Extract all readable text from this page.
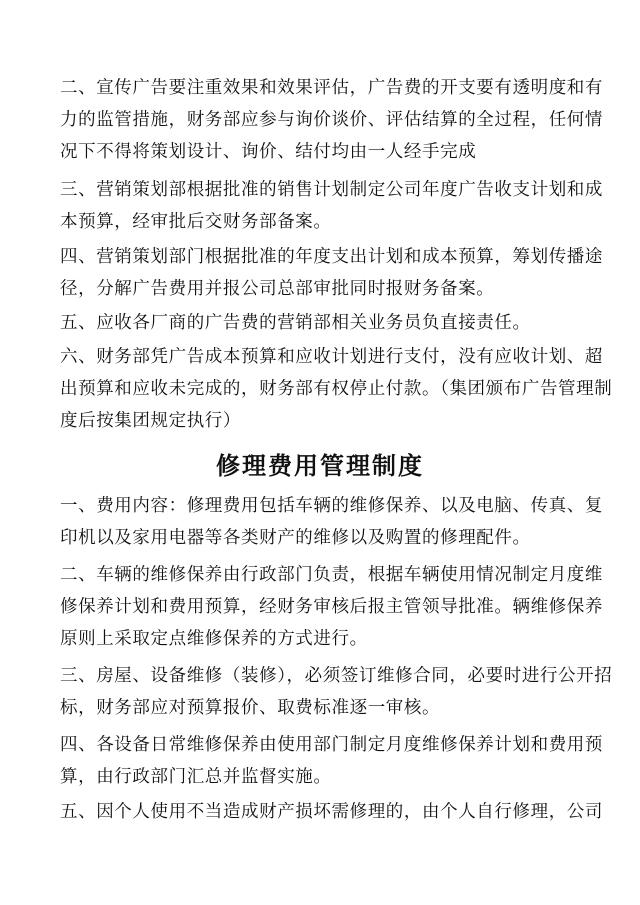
二、宣传广告要注重效果和效果评估，广告费的开支要有透明度和有
力的监管措施，财务部应参与询价谈价、评估结算的全过程，任何情
况下不得将策划设计、询价、结付均由一人经手完成

三、营销策划部根据批准的销售计划制定公司年度广告收支计划和成
本预算，经审批后交财务部备案。

四、营销策划部门根据批准的年度支出计划和成本预算，筹划传播途
径，分解广告费用并报公司总部审批同时报财务备案。

五、应收各厂商的广告费的营销部相关业务员负直接责任。

六、财务部凭广告成本预算和应收计划进行支付，没有应收计划、超
出预算和应收未完成的，财务部有权停止付款。（集团颁布广告管理制
度后按集团规定执行）

修理费用管理制度

一、费用内容：修理费用包括车辆的维修保养、以及电脑、传真、复
印机以及家用电器等各类财产的维修以及购置的修理配件。

二、车辆的维修保养由行政部门负责，根据车辆使用情况制定月度维
修保养计划和费用预算，经财务审核后报主管领导批准。辆维修保养
原则上采取定点维修保养的方式进行。

三、房屋、设备维修（装修），必须签订维修合同，必要时进行公开招
标，财务部应对预算报价、取费标准逐一审核。

四、各设备日常维修保养由使用部门制定月度维修保养计划和费用预
算，由行政部门汇总并监督实施。

五、因个人使用不当造成财产损坏需修理的，由个人自行修理，公司
